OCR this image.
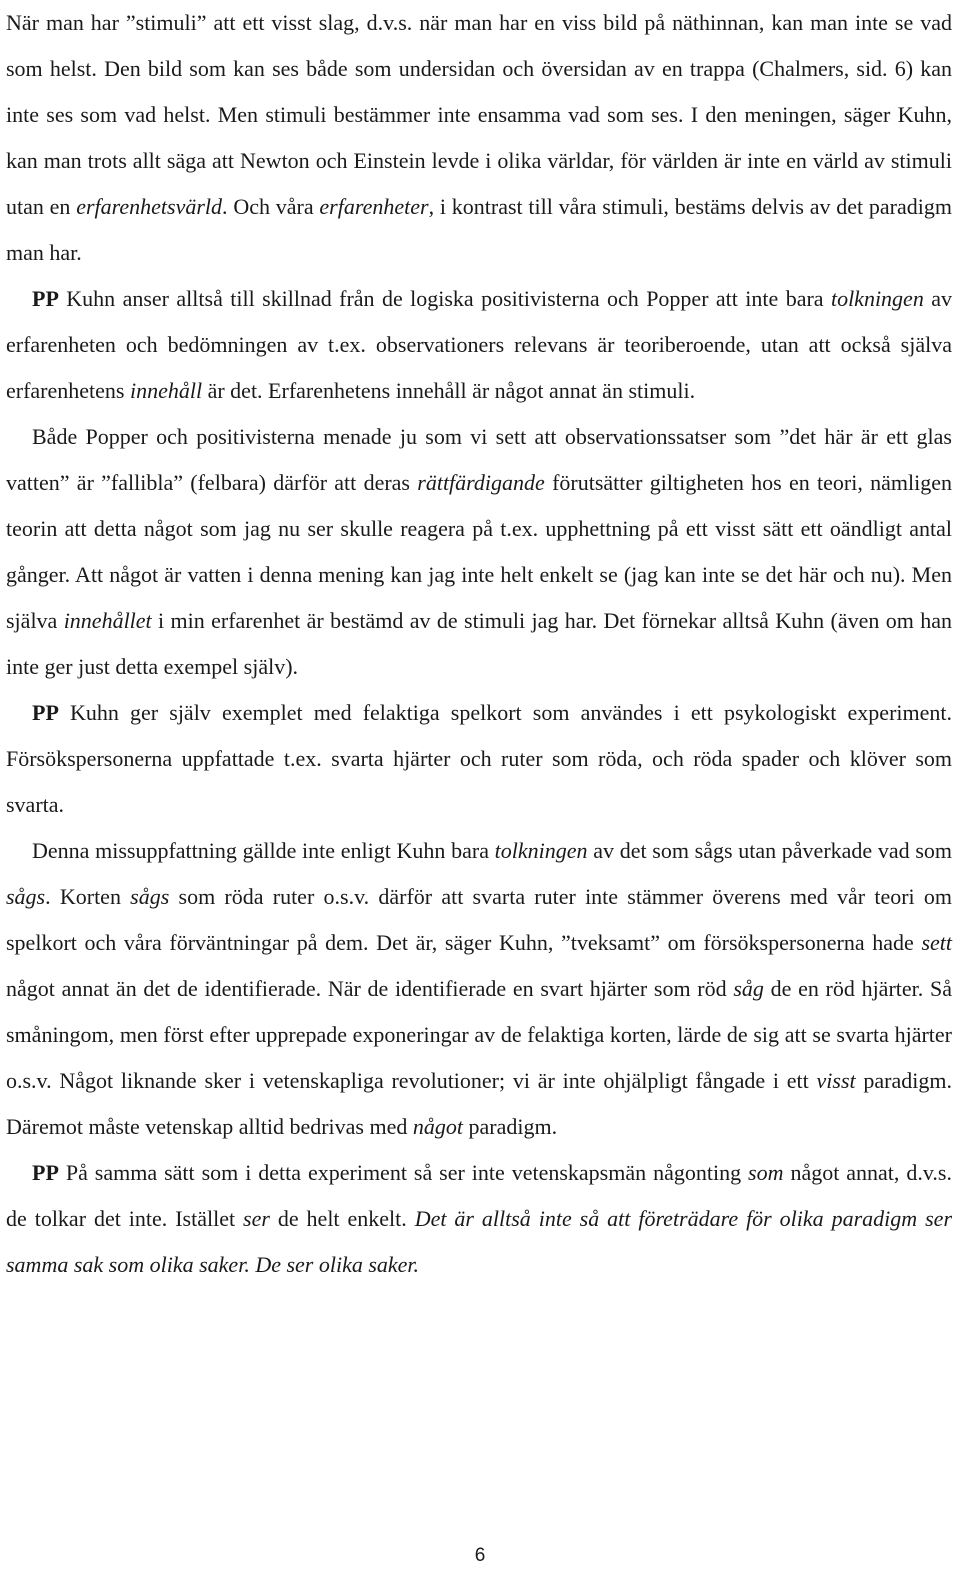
När man har ”stimuli” att ett visst slag, d.v.s. när man har en viss bild på näthinnan, kan man inte se vad som helst. Den bild som kan ses både som undersidan och översidan av en trappa (Chalmers, sid. 6) kan inte ses som vad helst. Men stimuli bestämmer inte ensamma vad som ses. I den meningen, säger Kuhn, kan man trots allt säga att Newton och Einstein levde i olika världar, för världen är inte en värld av stimuli utan en erfarenhetsvärld. Och våra erfarenheter, i kontrast till våra stimuli, bestäms delvis av det paradigm man har.

PP Kuhn anser alltså till skillnad från de logiska positivisterna och Popper att inte bara tolkningen av erfarenheten och bedömningen av t.ex. observationers relevans är teoriberoende, utan att också själva erfarenhetens innehåll är det. Erfarenhetens innehåll är något annat än stimuli.

Både Popper och positivisterna menade ju som vi sett att observationssatser som ”det här är ett glas vatten” är ”fallibla” (felbara) därför att deras rättfärdigande förutsätter giltigheten hos en teori, nämligen teorin att detta något som jag nu ser skulle reagera på t.ex. upphettning på ett visst sätt ett oändligt antal gånger. Att något är vatten i denna mening kan jag inte helt enkelt se (jag kan inte se det här och nu). Men själva innehållet i min erfarenhet är bestämd av de stimuli jag har. Det förnekar alltså Kuhn (även om han inte ger just detta exempel själv).

PP Kuhn ger själv exemplet med felaktiga spelkort som användes i ett psykologiskt experiment. Försökspersonerna uppfattade t.ex. svarta hjärter och ruter som röda, och röda spader och klöver som svarta.

Denna missuppfattning gällde inte enligt Kuhn bara tolkningen av det som sågs utan påverkade vad som sågs. Korten sågs som röda ruter o.s.v. därför att svarta ruter inte stämmer överens med vår teori om spelkort och våra förväntningar på dem. Det är, säger Kuhn, ”tveksamt” om försökspersonerna hade sett något annat än det de identifierade. När de identifierade en svart hjärter som röd såg de en röd hjärter. Så småningom, men först efter upprepade exponeringar av de felaktiga korten, lärde de sig att se svarta hjärter o.s.v. Något liknande sker i vetenskapliga revolutioner; vi är inte ohjälpligt fångade i ett visst paradigm. Däremot måste vetenskap alltid bedrivas med något paradigm.

PP På samma sätt som i detta experiment så ser inte vetenskapsmän någonting som något annat, d.v.s. de tolkar det inte. Istället ser de helt enkelt. Det är alltså inte så att företrädare för olika paradigm ser samma sak som olika saker. De ser olika saker.

6
